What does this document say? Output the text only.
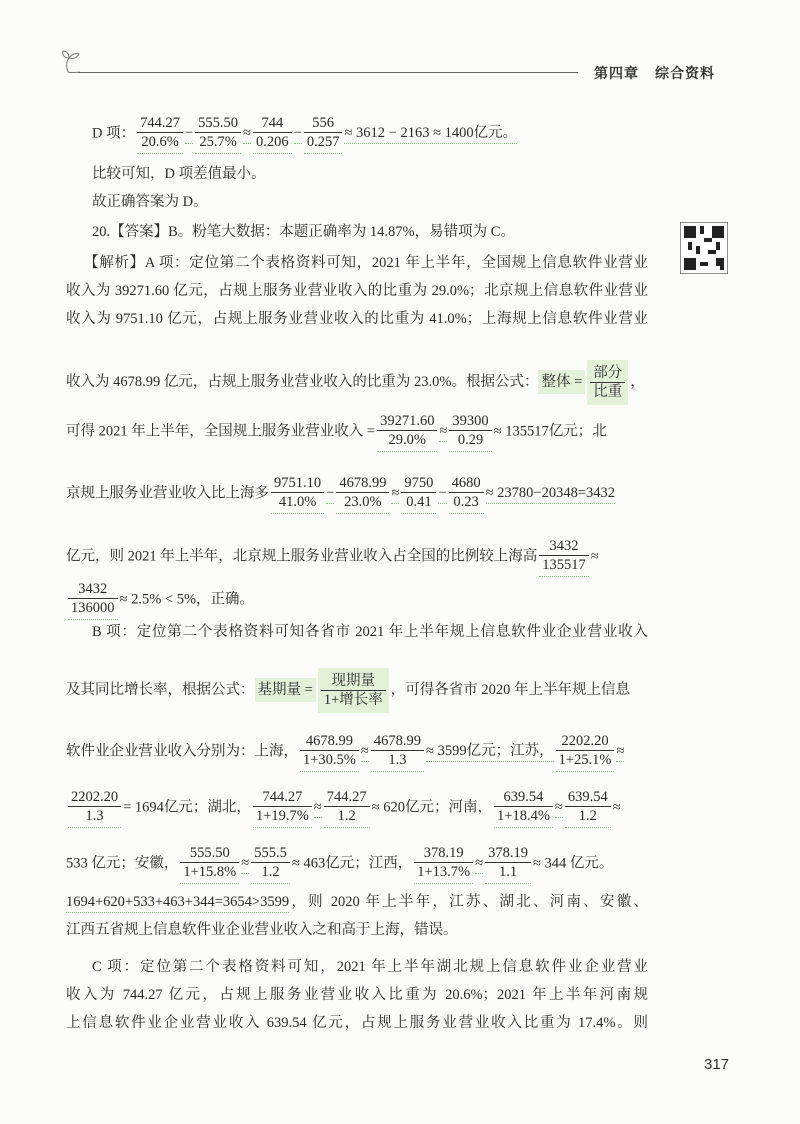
第四章 综合资料
D 项： $\frac{744.27}{20.6\%} - \frac{555.50}{25.7\%} \approx \frac{744}{0.206} - \frac{556}{0.257} \approx 3612 - 2163 \approx 1400$亿元。
比较可知，D 项差值最小。
故正确答案为 D。
20.【答案】B。粉笔大数据：本题正确率为 14.87%，易错项为 C。
【解析】A 项：定位第二个表格资料可知，2021 年上半年，全国规上信息软件业营业
收入为 39271.60 亿元，占规上服务业营业收入的比重为 29.0%；北京规上信息软件业营业
收入为 9751.10 亿元，占规上服务业营业收入的比重为 41.0%；上海规上信息软件业营业
收入为 4678.99 亿元，占规上服务业营业收入的比重为 23.0%。根据公式： 整体 =
部分
比重
，
可得 2021 年上半年，全国规上服务业营业收入 = $\frac{39271.60}{29.0\%} \approx \frac{39300}{0.29} \approx 135517$亿元；北
京规上服务业营业收入比上海多 $\frac{9751.10}{41.0\%} - \frac{4678.99}{23.0\%} \approx \frac{9750}{0.41} - \frac{4680}{0.23} \approx 23780-20348=3432$
亿元，则 2021 年上半年，北京规上服务业营业收入占全国的比例较上海高 $\frac{3432}{135517}$ ≈
$\frac{3432}{136000} \approx 2.5\% < 5\%$，正确。
B 项：定位第二个表格资料可知各省市 2021 年上半年规上信息软件业企业营业收入
及其同比增长率，根据公式： 基期量 =
现期量
1+增长率
，可得各省市 2020 年上半年规上信息
软件业企业营业收入分别为：上海， $\frac{4678.99}{1+30.5\%} \approx \frac{4678.99}{1.3} \approx 3599$亿元；江苏， $\frac{2202.20}{1+25.1\%}$ ≈
$\frac{2202.20}{1.3} = 1694$亿元；湖北， $\frac{744.27}{1+19.7\%} \approx \frac{744.27}{1.2} \approx 620$亿元；河南， $\frac{639.54}{1+18.4\%} \approx \frac{639.54}{1.2}$ ≈
533 亿元；安徽， $\frac{555.50}{1+15.8\%} \approx \frac{555.5}{1.2} \approx 463$亿元；江西， $\frac{378.19}{1+13.7\%} \approx \frac{378.19}{1.1} \approx 344$ 亿元。
1694+620+533+463+344=3654>3599，则 2020 年上半年，江苏、湖北、河南、安徽、
江西五省规上信息软件业企业营业收入之和高于上海，错误。
C 项：定位第二个表格资料可知，2021 年上半年湖北规上信息软件业企业营业
收入为 744.27 亿元，占规上服务业营业收入比重为 20.6%；2021 年上半年河南规
上信息软件业企业营业收入 639.54 亿元，占规上服务业营业收入比重为 17.4%。则
317
